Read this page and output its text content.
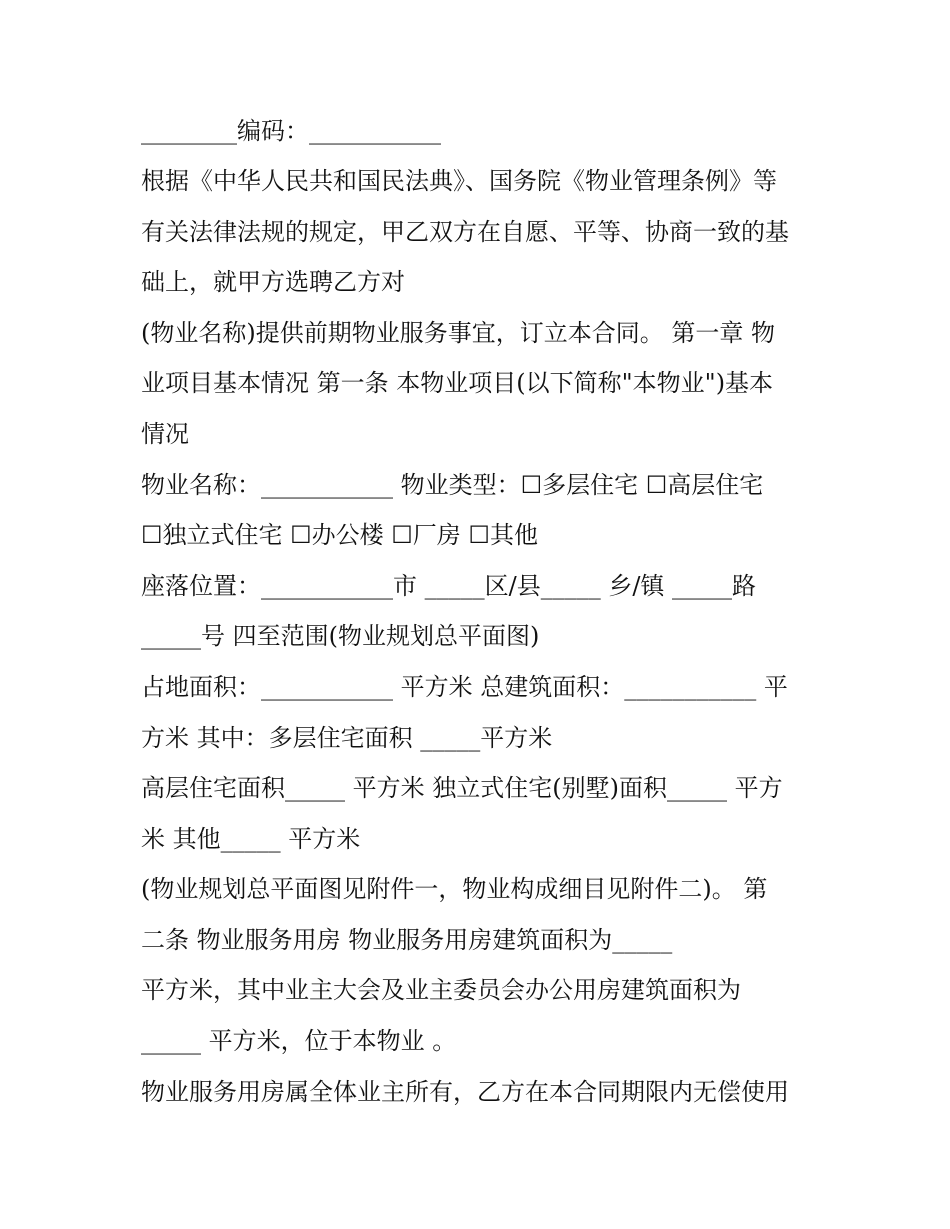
________编码：___________
根据《中华人民共和国民法典》、国务院《物业管理条例》等
有关法律法规的规定，甲乙双方在自愿、平等、协商一致的基
础上，就甲方选聘乙方对
(物业名称)提供前期物业服务事宜，订立本合同。 第一章 物
业项目基本情况 第一条 本物业项目(以下简称"本物业")基本
情况
物业名称：___________ 物业类型：☐多层住宅 ☐高层住宅
☐独立式住宅 ☐办公楼 ☐厂房 ☐其他
座落位置：___________市 _____区/县_____ 乡/镇 _____路
_____号 四至范围(物业规划总平面图)
占地面积：___________ 平方米 总建筑面积：___________ 平
方米 其中：多层住宅面积 _____平方米
高层住宅面积_____ 平方米 独立式住宅(别墅)面积_____ 平方
米 其他_____ 平方米
(物业规划总平面图见附件一，物业构成细目见附件二)。 第
二条 物业服务用房 物业服务用房建筑面积为_____
平方米，其中业主大会及业主委员会办公用房建筑面积为
_____ 平方米，位于本物业 。
物业服务用房属全体业主所有，乙方在本合同期限内无偿使用
